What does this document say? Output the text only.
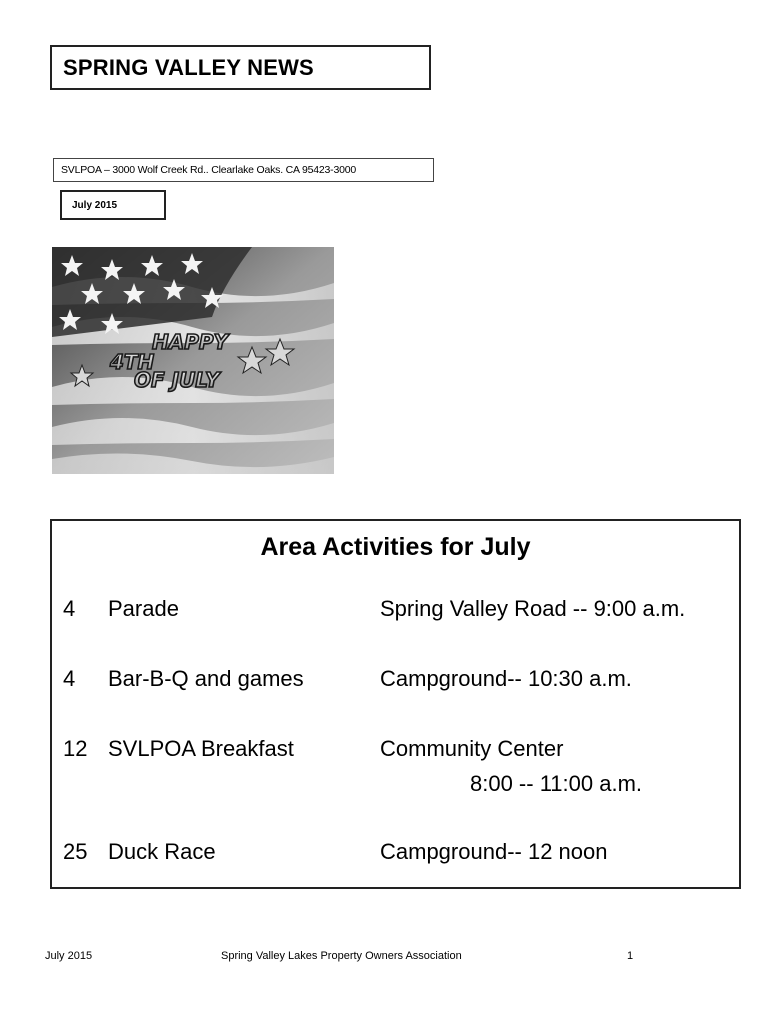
SPRING VALLEY NEWS
SVLPOA – 3000 Wolf Creek Rd.. Clearlake Oaks. CA 95423-3000
July 2015
HAPPY
4TH
OF JULY
Area Activities for July
4 Parade	Spring Valley Road -- 9:00 a.m.
4 Bar-B-Q and games	Campground-- 10:30 a.m.
12 SVLPOA Breakfast	Community Center
8:00 -- 11:00 a.m.
25 Duck Race	Campground-- 12 noon
July 2015	Spring Valley Lakes Property Owners Association	1
